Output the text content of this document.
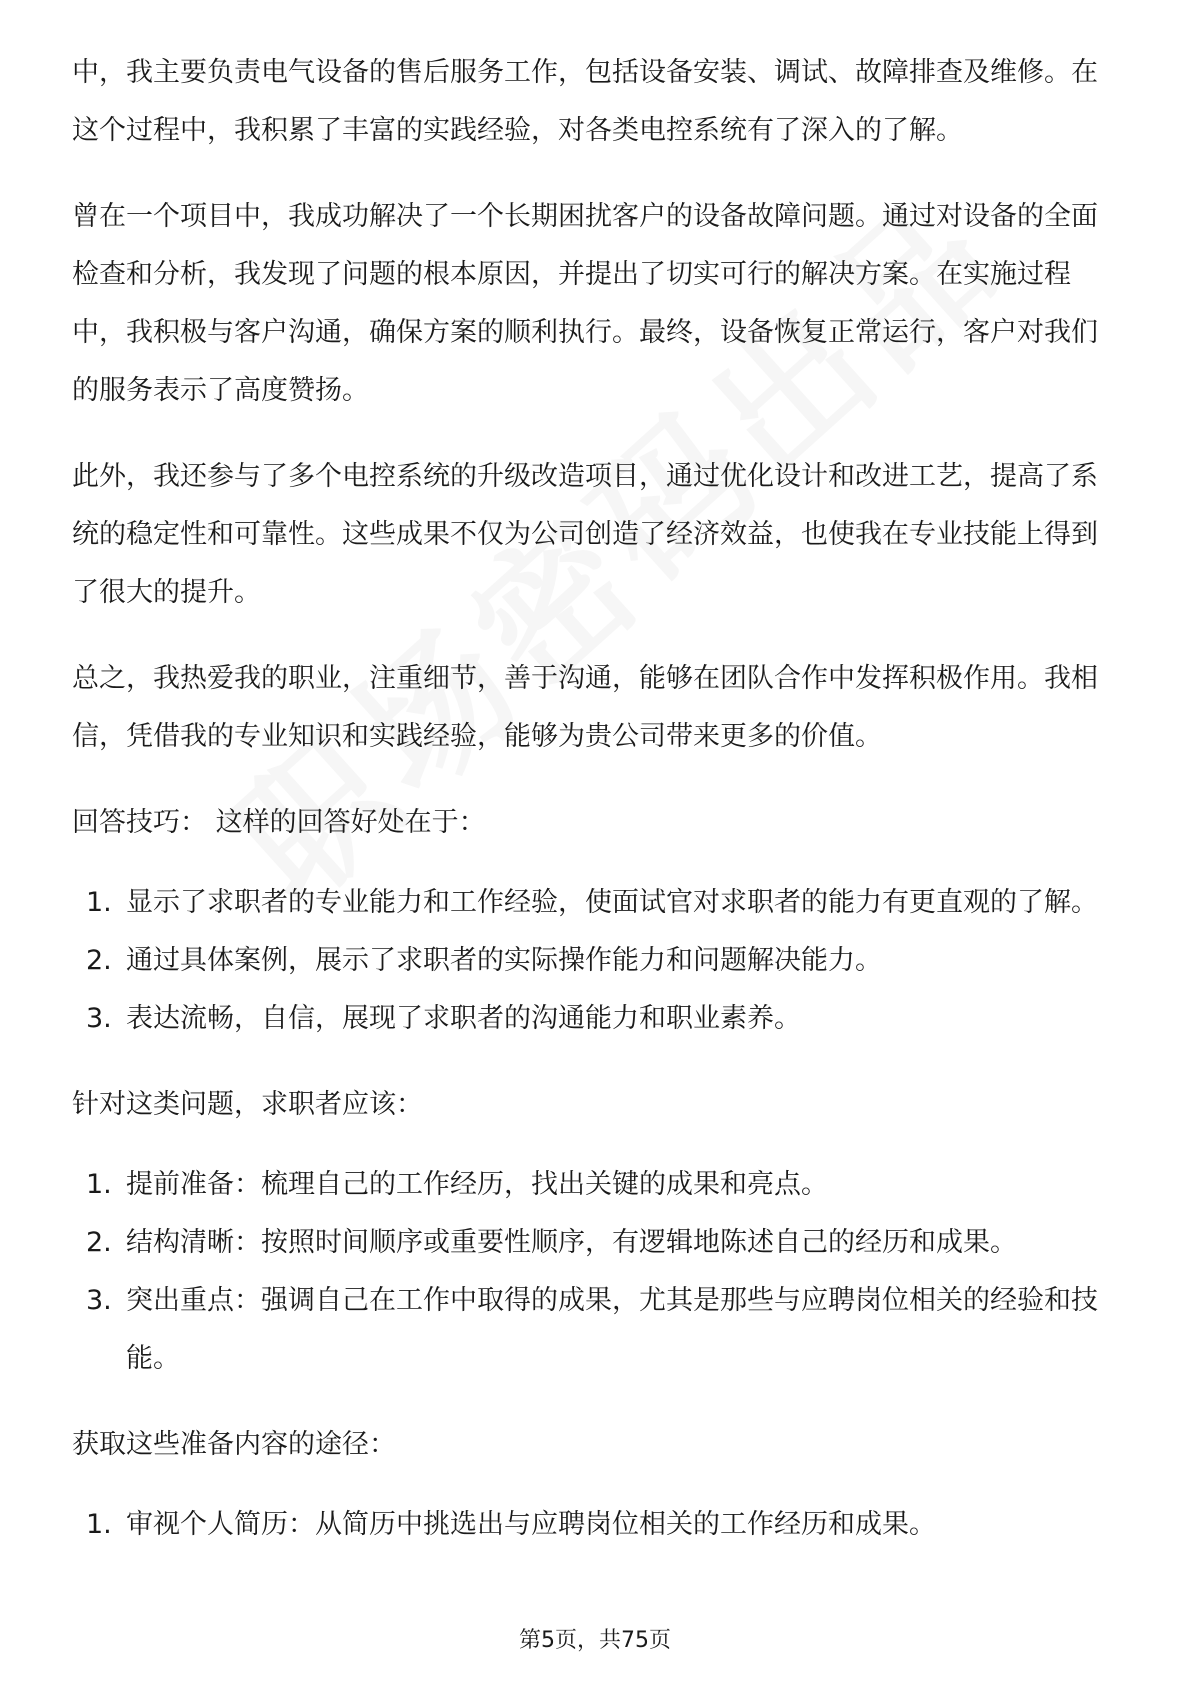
中，我主要负责电气设备的售后服务工作，包括设备安装、调试、故障排查及维修。在这个过程中，我积累了丰富的实践经验，对各类电控系统有了深入的了解。

曾在一个项目中，我成功解决了一个长期困扰客户的设备故障问题。通过对设备的全面检查和分析，我发现了问题的根本原因，并提出了切实可行的解决方案。在实施过程中，我积极与客户沟通，确保方案的顺利执行。最终，设备恢复正常运行，客户对我们的服务表示了高度赞扬。

此外，我还参与了多个电控系统的升级改造项目，通过优化设计和改进工艺，提高了系统的稳定性和可靠性。这些成果不仅为公司创造了经济效益，也使我在专业技能上得到了很大的提升。

总之，我热爱我的职业，注重细节，善于沟通，能够在团队合作中发挥积极作用。我相信，凭借我的专业知识和实践经验，能够为贵公司带来更多的价值。

回答技巧： 这样的回答好处在于：

1. 显示了求职者的专业能力和工作经验，使面试官对求职者的能力有更直观的了解。
2. 通过具体案例，展示了求职者的实际操作能力和问题解决能力。
3. 表达流畅，自信，展现了求职者的沟通能力和职业素养。

针对这类问题，求职者应该：

1. 提前准备：梳理自己的工作经历，找出关键的成果和亮点。
2. 结构清晰：按照时间顺序或重要性顺序，有逻辑地陈述自己的经历和成果。
3. 突出重点：强调自己在工作中取得的成果，尤其是那些与应聘岗位相关的经验和技能。

获取这些准备内容的途径：

1. 审视个人简历：从简历中挑选出与应聘岗位相关的工作经历和成果。
第5页，共75页
